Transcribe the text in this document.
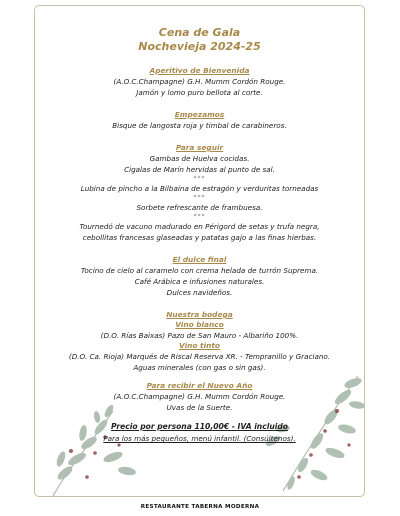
Cena de Gala
Nochevieja 2024-25
Aperitivo de Bienvenida
(A.O.C.Champagne) G.H. Mumm Cordón Rouge.
Jamón y lomo puro bellota al corte.
Empezamos
Bisque de langosta roja y timbal de carabineros.
Para seguir
Gambas de Huelva cocidas.
Cigalas de Marín hervidas al punto de sal.
***
Lubina de pincho a la Bilbaína de estragón y verduritas torneadas
***
Sorbete refrescante de frambuesa.
***
Tournedó de vacuno madurado en Périgord de setas y trufa negra,
cebollitas francesas glaseadas y patatas gajo a las finas hierbas.
El dulce final
Tocino de cielo al caramelo con crema helada de turrón Suprema.
Café Arábica e infusiones naturales.
Dulces navideños.
Nuestra bodega
Vino blanco
(D.O. Rías Baixas) Pazo de San Mauro - Albariño 100%.
Vino tinto
(D.O. Ca. Rioja) Marqués de Riscal Reserva XR. - Tempranillo y Graciano.
Aguas minerales (con gas o sin gas).
Para recibir el Nuevo Año
(A.O.C.Champagne) G.H. Mumm Cordón Rouge.
Uvas de la Suerte.
Precio por persona 110,00€ - IVA incluido
Para los más pequeños, menú infantil. (Consúltenos).
RESTAURANTE TABERNA MODERNA
